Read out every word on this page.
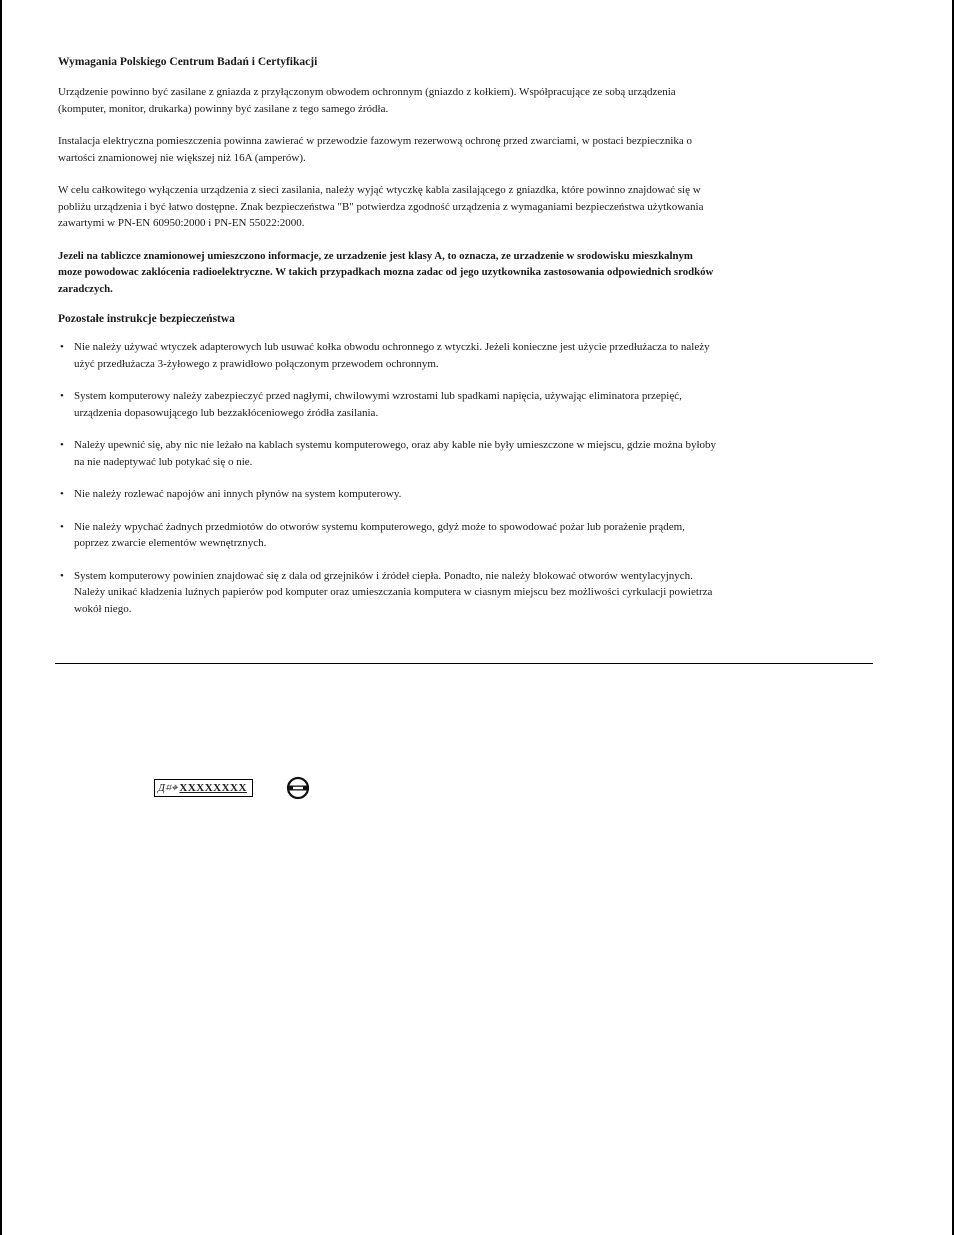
Wymagania Polskiego Centrum Badań i Certyfikacji

Urządzenie powinno być zasilane z gniazda z przyłączonym obwodem ochronnym (gniazdo z kołkiem). Współpracujące ze sobą urządzenia (komputer, monitor, drukarka) powinny być zasilane z tego samego źródła.

Instalacja elektryczna pomieszczenia powinna zawierać w przewodzie fazowym rezerwową ochronę przed zwarciami, w postaci bezpiecznika o wartości znamionowej nie większej niż 16A (amperów).

W celu całkowitego wyłączenia urządzenia z sieci zasilania, należy wyjąć wtyczkę kabla zasilającego z gniazdka, które powinno znajdować się w pobliżu urządzenia i być łatwo dostępne. Znak bezpieczeństwa "B" potwierdza zgodność urządzenia z wymaganiami bezpieczeństwa użytkowania zawartymi w PN-EN 60950:2000 i PN-EN 55022:2000.

Jezeli na tabliczce znamionowej umieszczono informacje, ze urzadzenie jest klasy A, to oznacza, ze urzadzenie w srodowisku mieszkalnym moze powodowac zaklócenia radioelektryczne. W takich przypadkach mozna zadac od jego uzytkownika zastosowania odpowiednich srodków zaradczych.

Pozostałe instrukcje bezpieczeństwa

• Nie należy używać wtyczek adapterowych lub usuwać kołka obwodu ochronnego z wtyczki. Jeżeli konieczne jest użycie przedłużacza to należy użyć przedłużacza 3-żyłowego z prawidłowo połączonym przewodem ochronnym.
• System komputerowy należy zabezpieczyć przed nagłymi, chwilowymi wzrostami lub spadkami napięcia, używając eliminatora przepięć, urządzenia dopasowującego lub bezzakłóceniowego źródła zasilania.
• Należy upewnić się, aby nic nie leżało na kablach systemu komputerowego, oraz aby kable nie były umieszczone w miejscu, gdzie można byłoby na nie nadeptywać lub potykać się o nie.
• Nie należy rozlewać napojów ani innych płynów na system komputerowy.
• Nie należy wpychać żadnych przedmiotów do otworów systemu komputerowego, gdyż może to spowodować pożar lub porażenie prądem, poprzez zwarcie elementów wewnętrznych.
• System komputerowy powinien znajdować się z dala od grzejników i źródeł ciepła. Ponadto, nie należy blokować otworów wentylacyjnych. Należy unikać kładzenia luźnych papierów pod komputer oraz umieszczania komputera w ciasnym miejscu bez możliwości cyrkulacji powietrza wokół niego.
Д⌗⌖ XXXXXXXX
